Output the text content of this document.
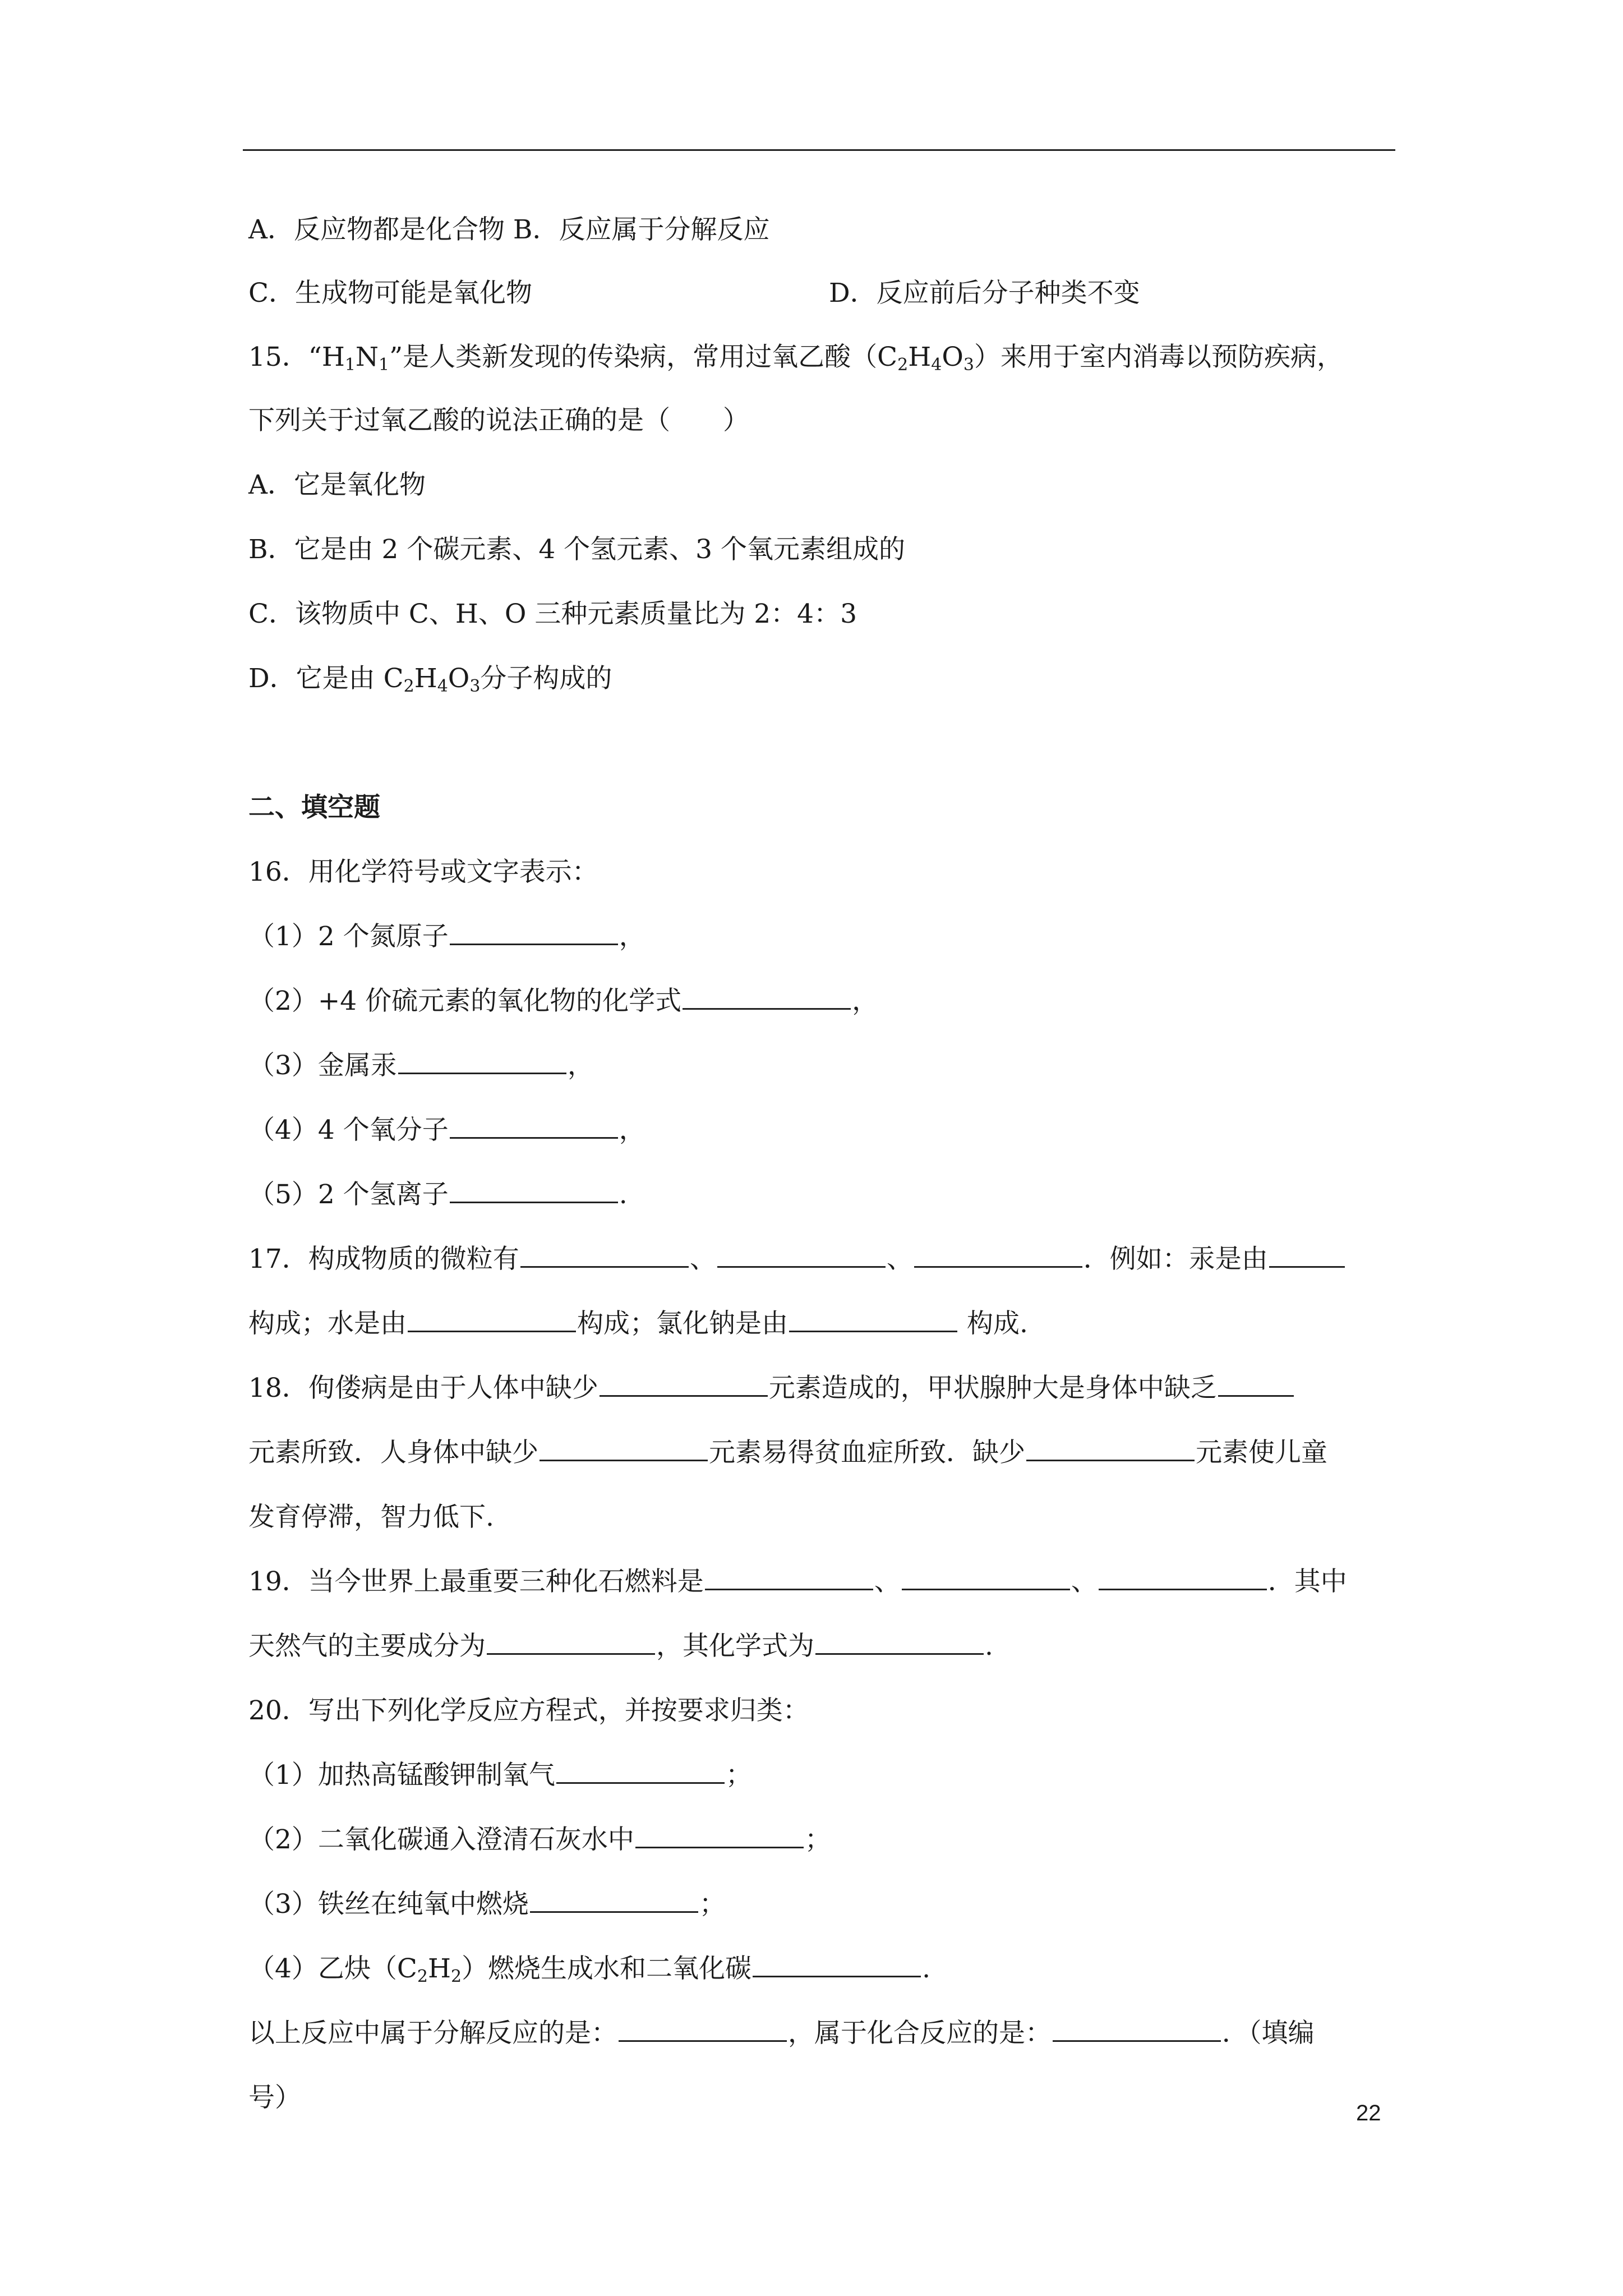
A．反应物都是化合物 B．反应属于分解反应
C．生成物可能是氧化物	D．反应前后分子种类不变
15．“$H_1N_1$”是人类新发现的传染病，常用过氧乙酸$(C_2H_4O_3)$来用于室内消毒以预防疾病，
下列关于过氧乙酸的说法正确的是（　　）
A．它是氧化物
B．它是由 2 个碳元素、4 个氢元素、3 个氧元素组成的
C．该物质中 C、H、O 三种元素质量比为 2：4：3
D．它是由 $C_2H_4O_3$分子构成的
二、填空题
16．用化学符号或文字表示：
（1）2 个氮原子	，
（2）+4 价硫元素的氧化物的化学式	，
（3）金属汞	，
（4）4 个氧分子	，
（5）2 个氢离子	.
17．构成物质的微粒有	、	、	．例如：汞是由
构成；水是由	构成；氯化钠是由	构成.
18．佝偻病是由于人体中缺少	元素造成的，甲状腺肿大是身体中缺乏
元素所致．人身体中缺少	元素易得贫血症所致．缺少	元素使儿童
发育停滞，智力低下.
19．当今世界上最重要三种化石燃料是	、	、	．其中
天然气的主要成分为	，其化学式为	.
20．写出下列化学反应方程式，并按要求归类：
（1）加热高锰酸钾制氧气	；
（2）二氧化碳通入澄清石灰水中	；
（3）铁丝在纯氧中燃烧	；
（4）乙炔$(C_2H_2)$燃烧生成水和二氧化碳	.
以上反应中属于分解反应的是：	，属于化合反应的是：	．（填编
号）	22
